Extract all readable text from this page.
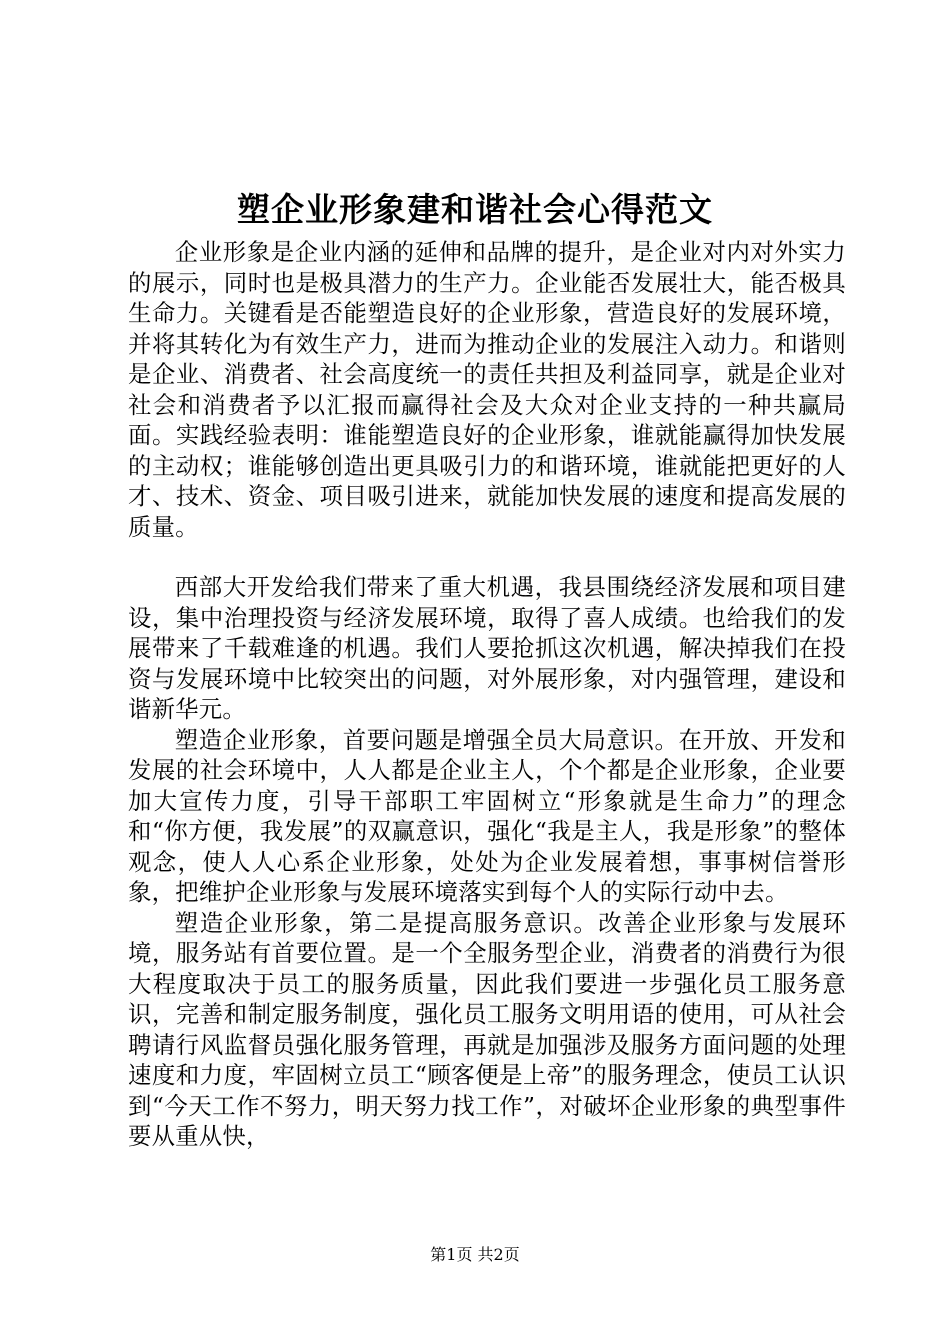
塑企业形象建和谐社会心得范文

企业形象是企业内涵的延伸和品牌的提升，是企业对内对外实力的展示，同时也是极具潜力的生产力。企业能否发展壮大，能否极具生命力。关键看是否能塑造良好的企业形象，营造良好的发展环境，并将其转化为有效生产力，进而为推动企业的发展注入动力。和谐则是企业、消费者、社会高度统一的责任共担及利益同享，就是企业对社会和消费者予以汇报而赢得社会及大众对企业支持的一种共赢局面。实践经验表明：谁能塑造良好的企业形象，谁就能赢得加快发展的主动权；谁能够创造出更具吸引力的和谐环境，谁就能把更好的人才、技术、资金、项目吸引进来，就能加快发展的速度和提高发展的质量。

西部大开发给我们带来了重大机遇，我县围绕经济发展和项目建设，集中治理投资与经济发展环境，取得了喜人成绩。也给我们的发展带来了千载难逢的机遇。我们人要抢抓这次机遇，解决掉我们在投资与发展环境中比较突出的问题，对外展形象，对内强管理，建设和谐新华元。

塑造企业形象，首要问题是增强全员大局意识。在开放、开发和发展的社会环境中，人人都是企业主人，个个都是企业形象，企业要加大宣传力度，引导干部职工牢固树立“形象就是生命力”的理念和“你方便，我发展”的双赢意识，强化“我是主人，我是形象”的整体观念，使人人心系企业形象，处处为企业发展着想，事事树信誉形象，把维护企业形象与发展环境落实到每个人的实际行动中去。

塑造企业形象，第二是提高服务意识。改善企业形象与发展环境，服务站有首要位置。是一个全服务型企业，消费者的消费行为很大程度取决于员工的服务质量，因此我们要进一步强化员工服务意识，完善和制定服务制度，强化员工服务文明用语的使用，可从社会聘请行风监督员强化服务管理，再就是加强涉及服务方面问题的处理速度和力度，牢固树立员工“顾客便是上帝”的服务理念，使员工认识到“今天工作不努力，明天努力找工作”，对破坏企业形象的典型事件要从重从快，

第1页 共2页
